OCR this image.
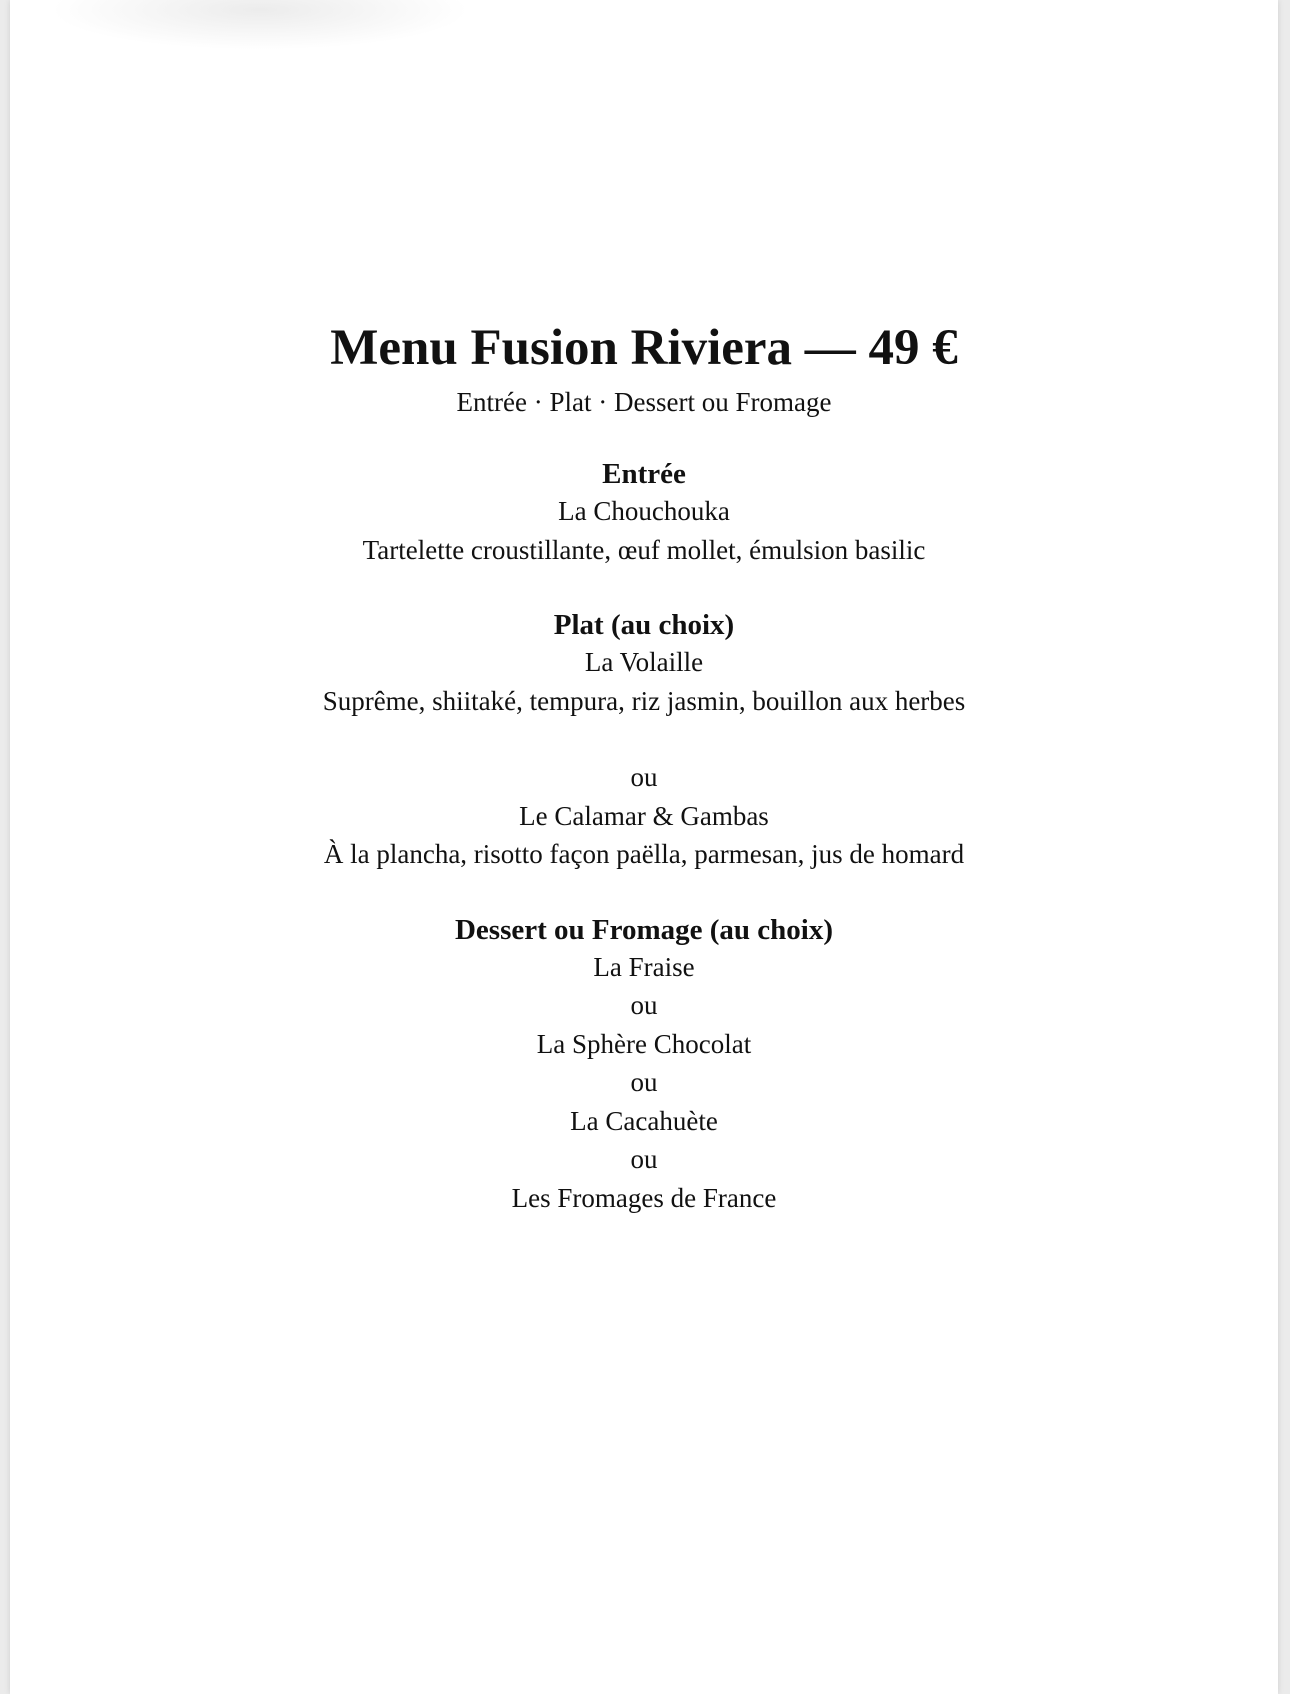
Menu Fusion Riviera — 49 €
Entrée · Plat · Dessert ou Fromage
Entrée
La Chouchouka
Tartelette croustillante, œuf mollet, émulsion basilic
Plat (au choix)
La Volaille
Suprême, shiitaké, tempura, riz jasmin, bouillon aux herbes
ou
Le Calamar & Gambas
À la plancha, risotto façon paëlla, parmesan, jus de homard
Dessert ou Fromage (au choix)
La Fraise
ou
La Sphère Chocolat
ou
La Cacahuète
ou
Les Fromages de France
